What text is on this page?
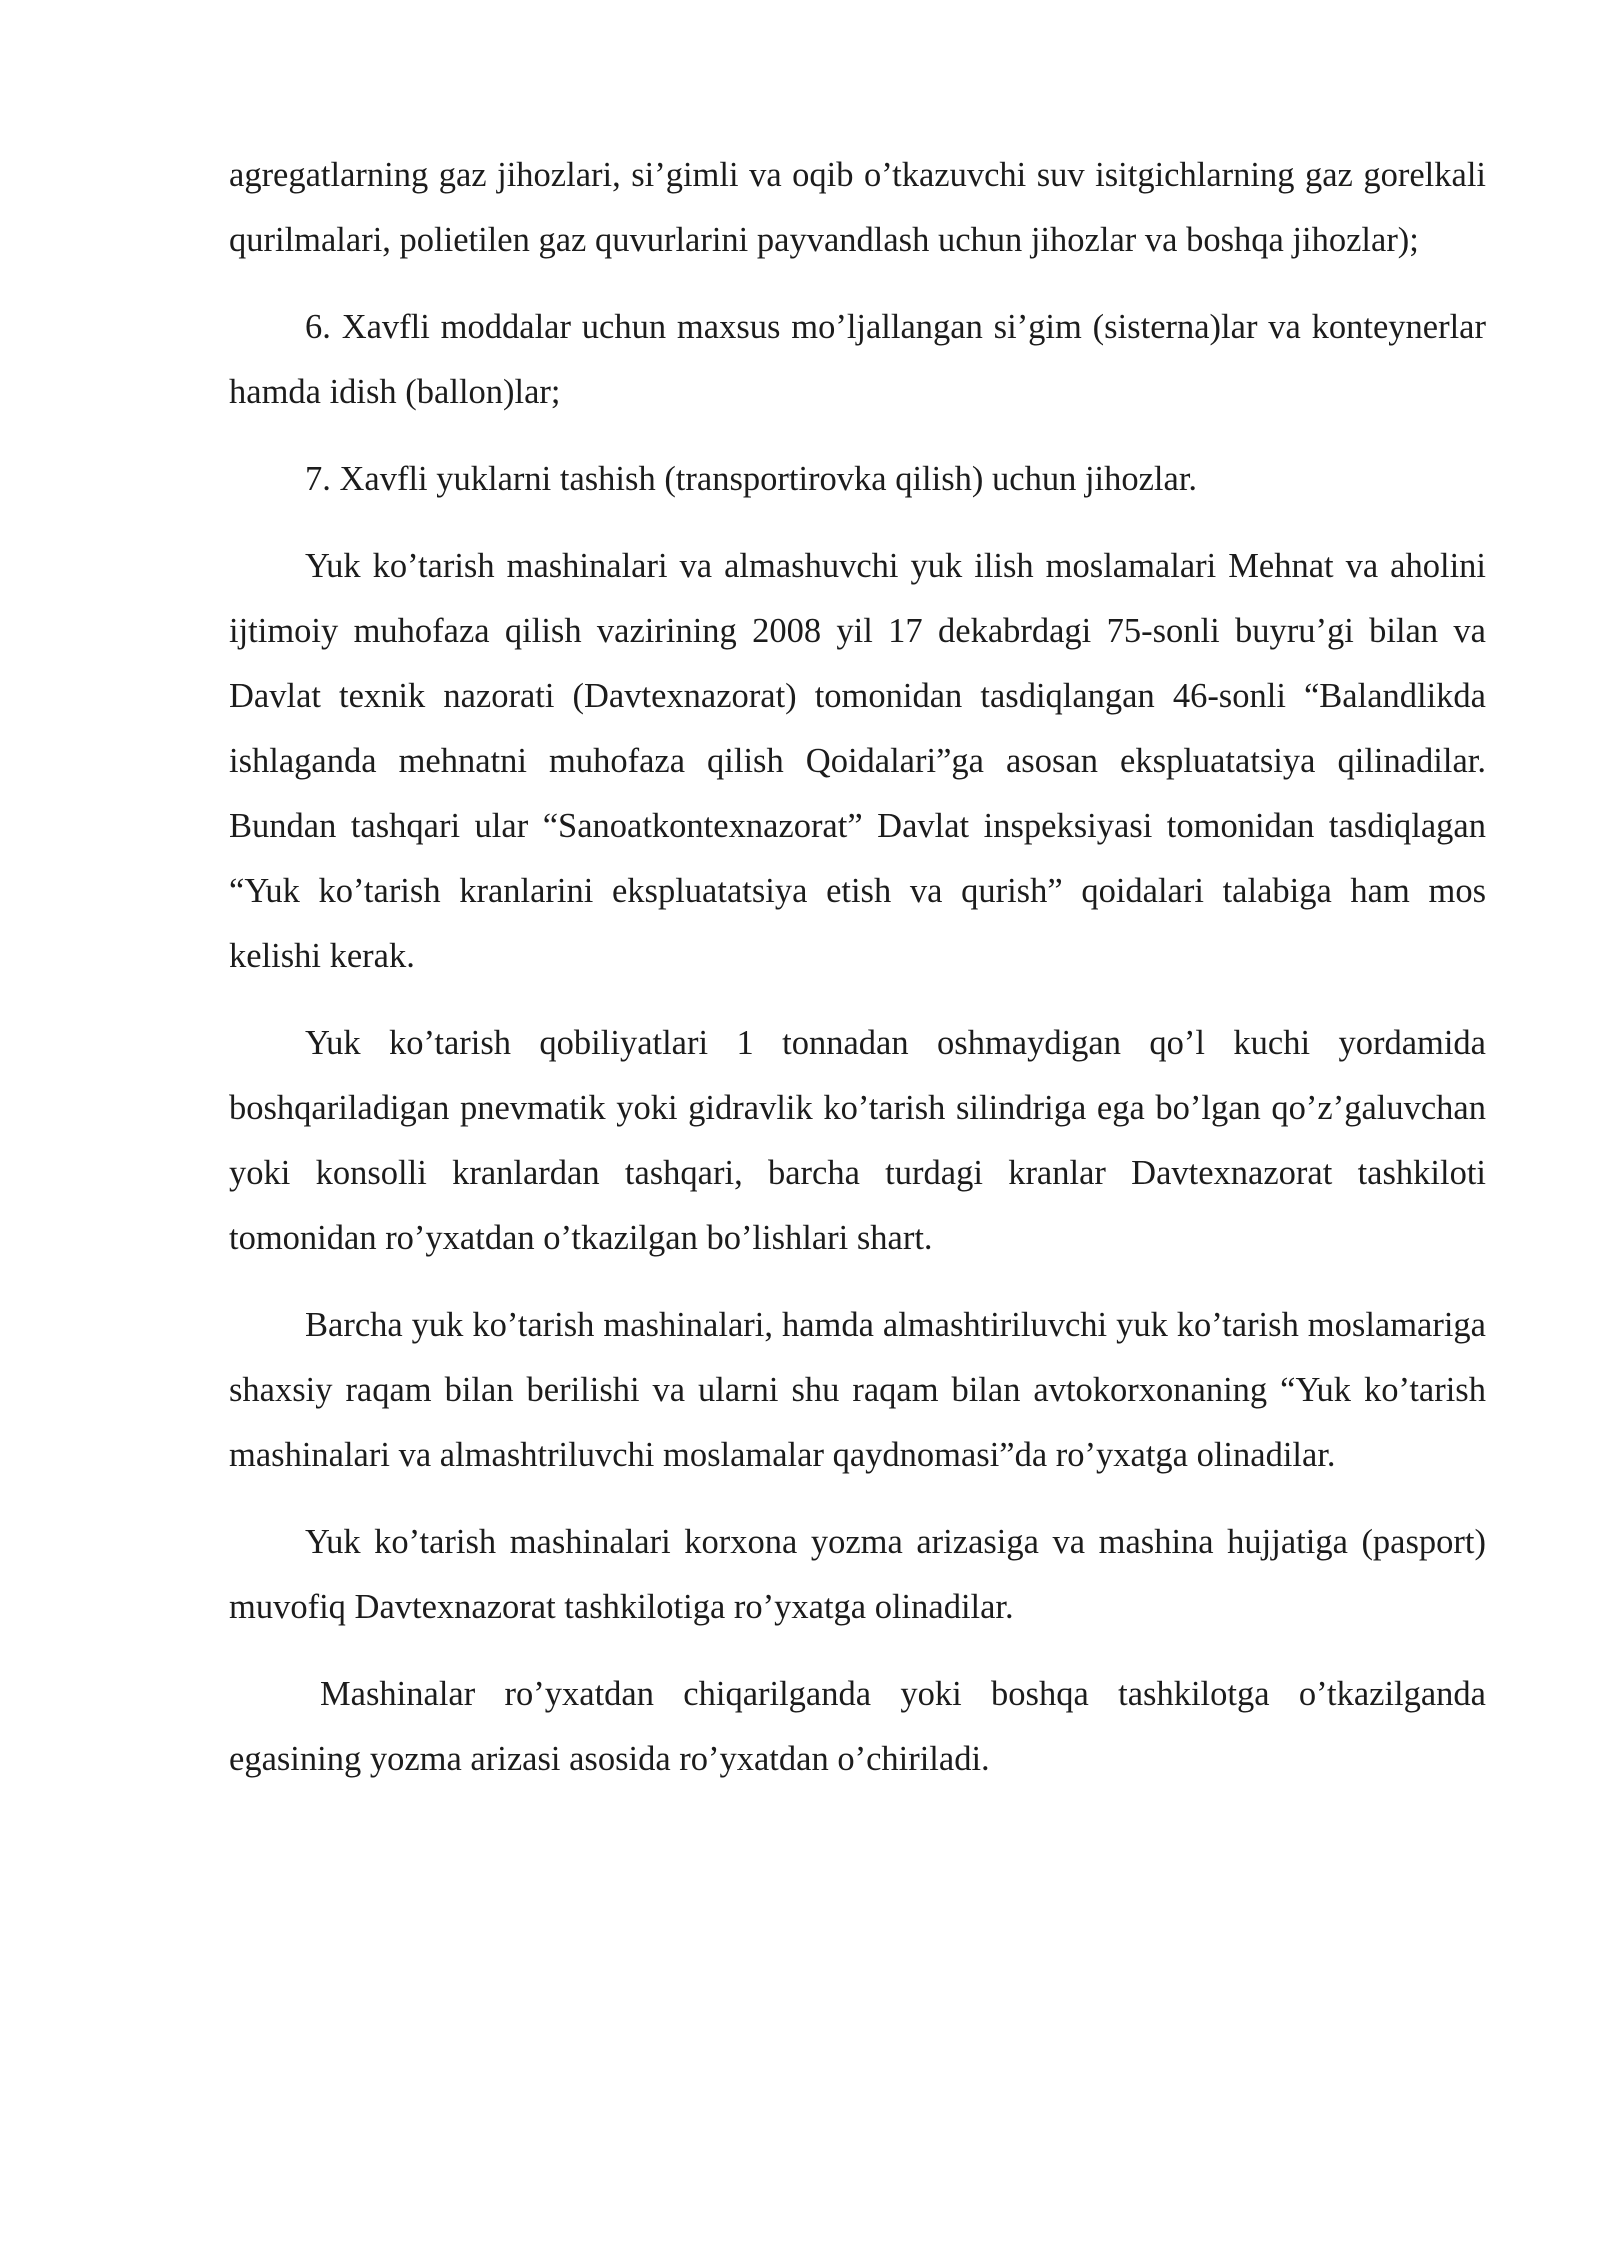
agregatlarning gaz jihozlari, si’gimli va oqib o’tkazuvchi suv isitgichlarning gaz gorelkali qurilmalari, polietilen gaz quvurlarini payvandlash uchun jihozlar va boshqa jihozlar);

6. Xavfli moddalar uchun maxsus mo’ljallangan si’gim (sisterna)lar va konteynerlar hamda idish (ballon)lar;

7. Xavfli yuklarni tashish (transportirovka qilish) uchun jihozlar.

Yuk ko’tarish mashinalari va almashuvchi yuk ilish moslamalari Mehnat va aholini ijtimoiy muhofaza qilish vazirining 2008 yil 17 dekabrdagi 75-sonli buyru’gi bilan va Davlat texnik nazorati (Davtexnazorat) tomonidan tasdiqlangan 46-sonli “Balandlikda ishlaganda mehnatni muhofaza qilish Qoidalari”ga asosan ekspluatatsiya qilinadilar. Bundan tashqari ular “Sanoatkontexnazorat” Davlat inspeksiyasi tomonidan tasdiqlagan “Yuk ko’tarish kranlarini ekspluatatsiya etish va qurish” qoidalari talabiga ham mos kelishi kerak.

Yuk ko’tarish qobiliyatlari 1 tonnadan oshmaydigan qo’l kuchi yordamida boshqariladigan pnevmatik yoki gidravlik ko’tarish silindriga ega bo’lgan qo’z’galuvchan yoki konsolli kranlardan tashqari, barcha turdagi kranlar Davtexnazorat tashkiloti tomonidan ro’yxatdan o’tkazilgan bo’lishlari shart.

Barcha yuk ko’tarish mashinalari, hamda almashtiriluvchi yuk ko’tarish moslamariga shaxsiy raqam bilan berilishi va ularni shu raqam bilan avtokorxonaning “Yuk ko’tarish mashinalari va almashtriluvchi moslamalar qaydnomasi”da ro’yxatga olinadilar.

Yuk ko’tarish mashinalari korxona yozma arizasiga va mashina hujjatiga (pasport) muvofiq Davtexnazorat tashkilotiga ro’yxatga olinadilar.

Mashinalar ro’yxatdan chiqarilganda yoki boshqa tashkilotga o’tkazilganda egasining yozma arizasi asosida ro’yxatdan o’chiriladi.
